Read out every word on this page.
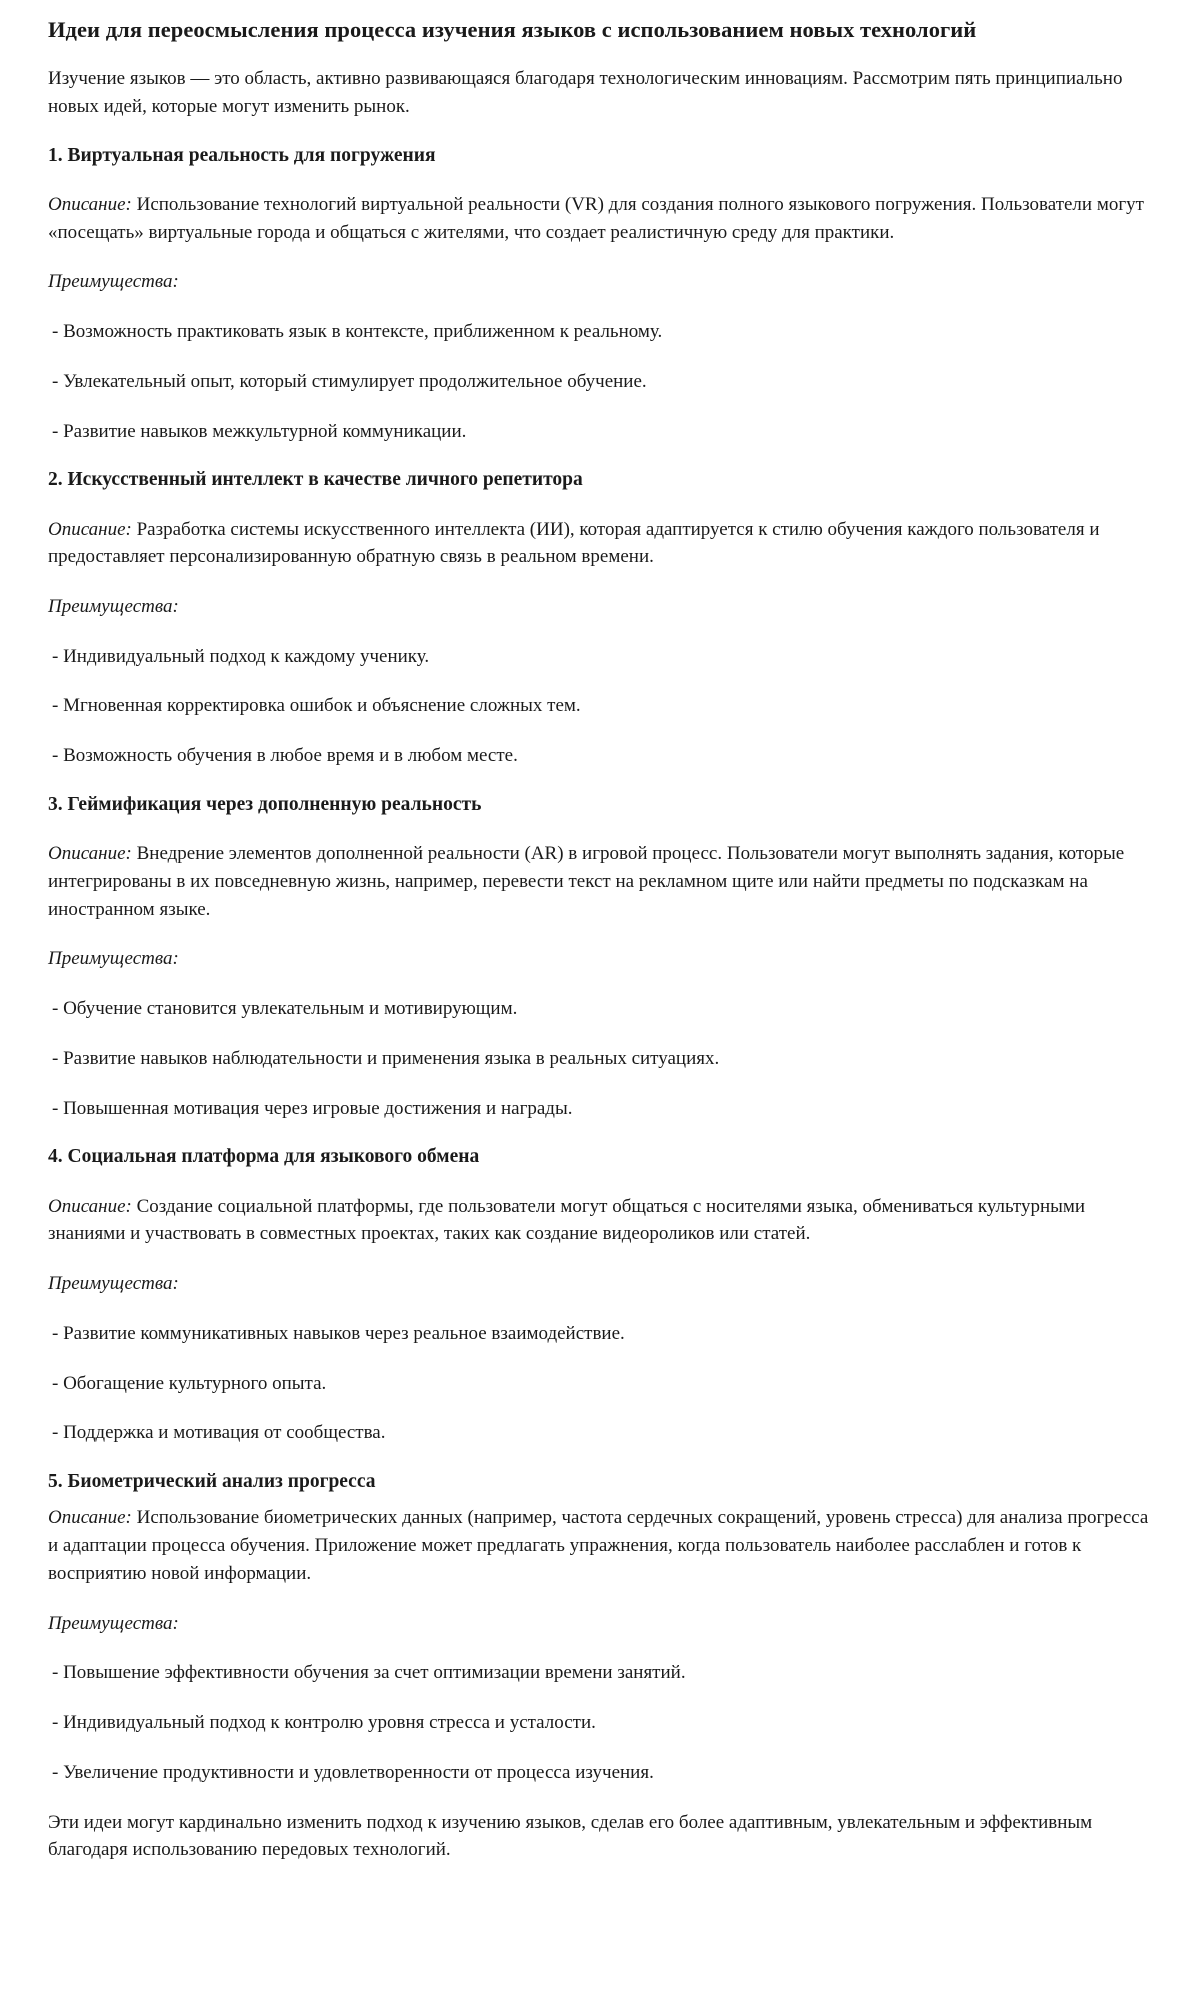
Идеи для переосмысления процесса изучения языков с использованием новых технологий

Изучение языков — это область, активно развивающаяся благодаря технологическим инновациям. Рассмотрим пять принципиально новых идей, которые могут изменить рынок.

1. Виртуальная реальность для погружения

Описание: Использование технологий виртуальной реальности (VR) для создания полного языкового погружения. Пользователи могут «посещать» виртуальные города и общаться с жителями, что создает реалистичную среду для практики.

Преимущества:
- Возможность практиковать язык в контексте, приближенном к реальному.
- Увлекательный опыт, который стимулирует продолжительное обучение.
- Развитие навыков межкультурной коммуникации.
2. Искусственный интеллект в качестве личного репетитора

Описание: Разработка системы искусственного интеллекта (ИИ), которая адаптируется к стилю обучения каждого пользователя и предоставляет персонализированную обратную связь в реальном времени.

Преимущества:
- Индивидуальный подход к каждому ученику.
- Мгновенная корректировка ошибок и объяснение сложных тем.
- Возможность обучения в любое время и в любом месте.
3. Геймификация через дополненную реальность

Описание: Внедрение элементов дополненной реальности (AR) в игровой процесс. Пользователи могут выполнять задания, которые интегрированы в их повседневную жизнь, например, перевести текст на рекламном щите или найти предметы по подсказкам на иностранном языке.

Преимущества:
- Обучение становится увлекательным и мотивирующим.
- Развитие навыков наблюдательности и применения языка в реальных ситуациях.
- Повышенная мотивация через игровые достижения и награды.
4. Социальная платформа для языкового обмена

Описание: Создание социальной платформы, где пользователи могут общаться с носителями языка, обмениваться культурными знаниями и участвовать в совместных проектах, таких как создание видеороликов или статей.

Преимущества:
- Развитие коммуникативных навыков через реальное взаимодействие.
- Обогащение культурного опыта.
- Поддержка и мотивация от сообщества.
5. Биометрический анализ прогресса

Описание: Использование биометрических данных (например, частота сердечных сокращений, уровень стресса) для анализа прогресса и адаптации процесса обучения. Приложение может предлагать упражнения, когда пользователь наиболее расслаблен и готов к восприятию новой информации.

Преимущества:
- Повышение эффективности обучения за счет оптимизации времени занятий.
- Индивидуальный подход к контролю уровня стресса и усталости.
- Увеличение продуктивности и удовлетворенности от процесса изучения.

Эти идеи могут кардинально изменить подход к изучению языков, сделав его более адаптивным, увлекательным и эффективным благодаря использованию передовых технологий.
